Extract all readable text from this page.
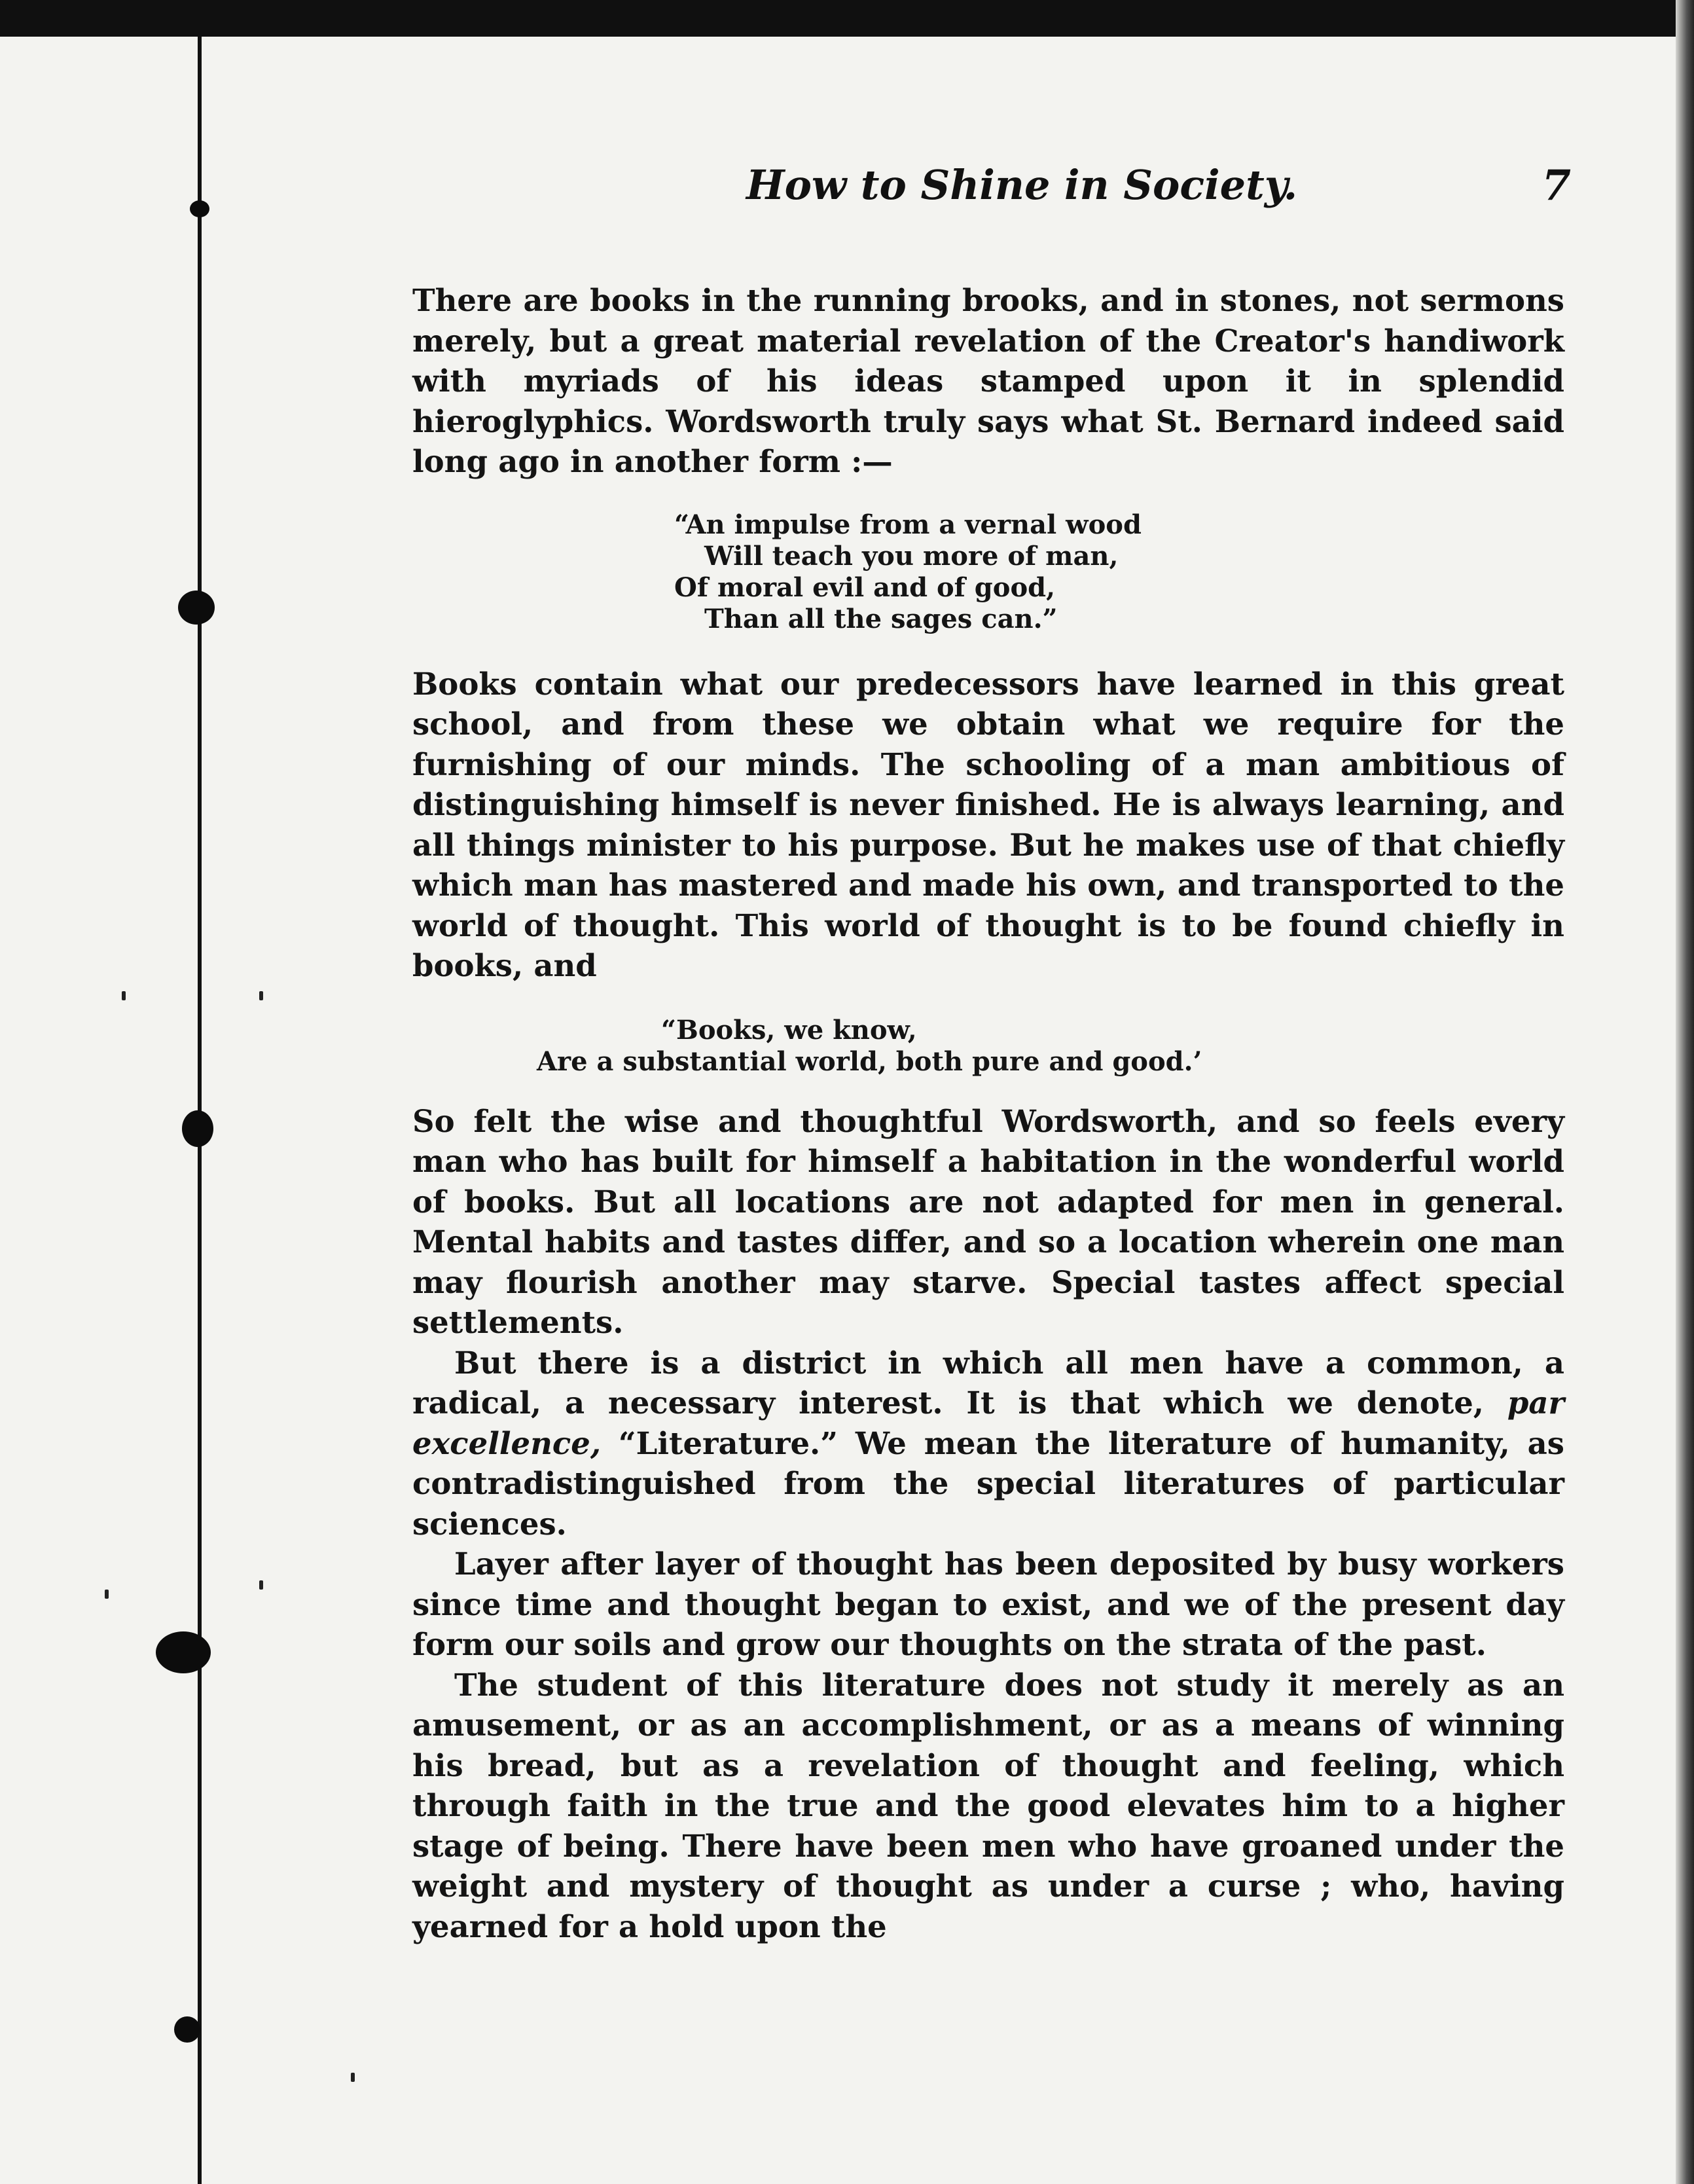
How to Shine in Society.	7

There are books in the running brooks, and in stones, not sermons merely, but a great material revelation of the Creator's handiwork with myriads of his ideas stamped upon it in splendid hieroglyphics. Wordsworth truly says what St. Bernard indeed said long ago in another form :—

“An impulse from a vernal wood
Will teach you more of man,
Of moral evil and of good,
Than all the sages can.”

Books contain what our predecessors have learned in this great school, and from these we obtain what we require for the furnishing of our minds. The schooling of a man ambitious of distinguishing himself is never finished. He is always learning, and all things minister to his purpose. But he makes use of that chiefly which man has mastered and made his own, and transported to the world of thought. This world of thought is to be found chiefly in books, and

“Books, we know,
Are a substantial world, both pure and good.’

So felt the wise and thoughtful Wordsworth, and so feels every man who has built for himself a habitation in the wonderful world of books. But all locations are not adapted for men in general. Mental habits and tastes differ, and so a location wherein one man may flourish another may starve. Special tastes affect special settlements.

But there is a district in which all men have a common, a radical, a necessary interest. It is that which we denote, par excellence, “Literature.” We mean the literature of humanity, as contradistinguished from the special literatures of particular sciences.

Layer after layer of thought has been deposited by busy workers since time and thought began to exist, and we of the present day form our soils and grow our thoughts on the strata of the past.

The student of this literature does not study it merely as an amusement, or as an accomplishment, or as a means of winning his bread, but as a revelation of thought and feeling, which through faith in the true and the good elevates him to a higher stage of being. There have been men who have groaned under the weight and mystery of thought as under a curse ; who, having yearned for a hold upon the
